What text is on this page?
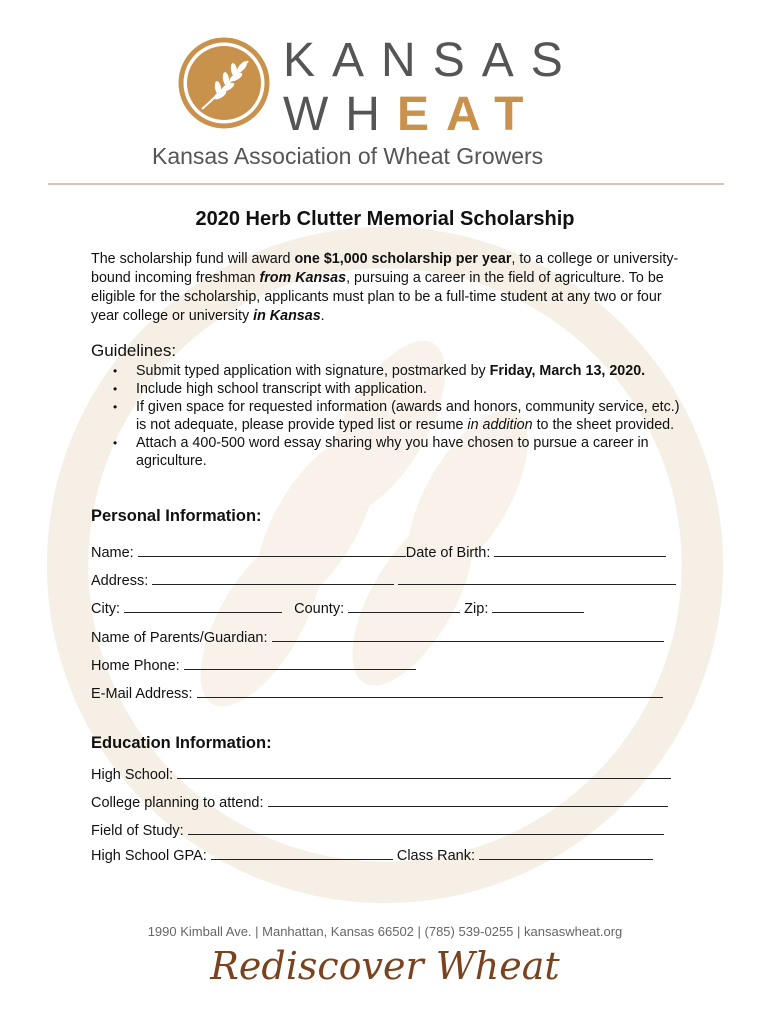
KANSAS
WHEAT
Kansas Association of Wheat Growers
2020 Herb Clutter Memorial Scholarship
The scholarship fund will award one $1,000 scholarship per year, to a college or university-bound incoming freshman from Kansas, pursuing a career in the field of agriculture. To be eligible for the scholarship, applicants must plan to be a full-time student at any two or four year college or university in Kansas.
Guidelines:
• Submit typed application with signature, postmarked by Friday, March 13, 2020.
• Include high school transcript with application.
• If given space for requested information (awards and honors, community service, etc.) is not adequate, please provide typed list or resume in addition to the sheet provided.
• Attach a 400-500 word essay sharing why you have chosen to pursue a career in agriculture.
Personal Information:
Name:	Date of Birth:
Address:
City:	County:	Zip:
Name of Parents/Guardian:
Home Phone:
E-Mail Address:
Education Information:
High School:
College planning to attend:
Field of Study:
High School GPA:	Class Rank:
1990 Kimball Ave. | Manhattan, Kansas 66502 | (785) 539-0255 | kansaswheat.org
Rediscover Wheat
